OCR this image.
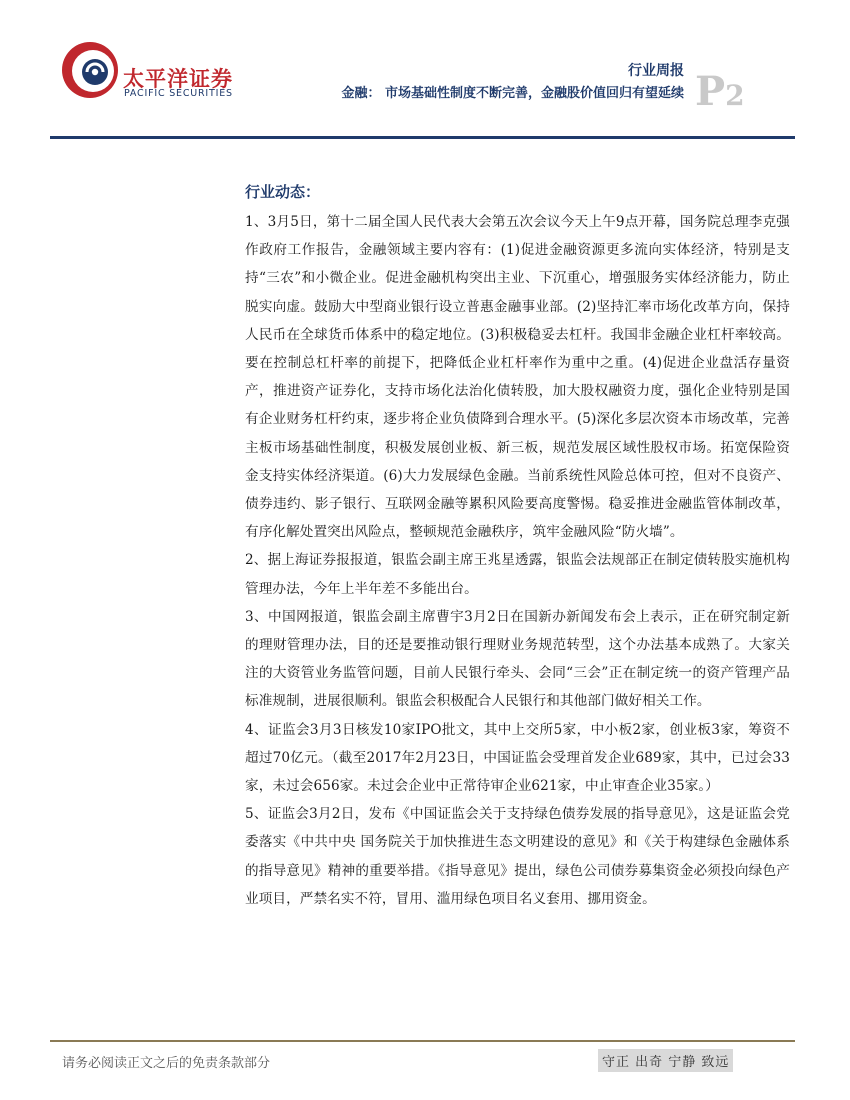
太平洋证券
PACIFIC SECURITIES
行业周报
金融： 市场基础性制度不断完善，金融股价值回归有望延续 P2
行业动态：

1、3月5日，第十二届全国人民代表大会第五次会议今天上午9点开幕，国务院总理李克强作政府工作报告，金融领域主要内容有：(1)促进金融资源更多流向实体经济，特别是支持“三农”和小微企业。促进金融机构突出主业、下沉重心，增强服务实体经济能力，防止脱实向虚。鼓励大中型商业银行设立普惠金融事业部。(2)坚持汇率市场化改革方向，保持人民币在全球货币体系中的稳定地位。(3)积极稳妥去杠杆。我国非金融企业杠杆率较高。要在控制总杠杆率的前提下，把降低企业杠杆率作为重中之重。(4)促进企业盘活存量资产，推进资产证券化，支持市场化法治化债转股，加大股权融资力度，强化企业特别是国有企业财务杠杆约束，逐步将企业负债降到合理水平。(5)深化多层次资本市场改革，完善主板市场基础性制度，积极发展创业板、新三板，规范发展区域性股权市场。拓宽保险资金支持实体经济渠道。(6)大力发展绿色金融。当前系统性风险总体可控，但对不良资产、债券违约、影子银行、互联网金融等累积风险要高度警惕。稳妥推进金融监管体制改革，有序化解处置突出风险点，整顿规范金融秩序，筑牢金融风险“防火墙”。

2、据上海证券报报道，银监会副主席王兆星透露，银监会法规部正在制定债转股实施机构管理办法，今年上半年差不多能出台。

3、中国网报道，银监会副主席曹宇3月2日在国新办新闻发布会上表示，正在研究制定新的理财管理办法，目的还是要推动银行理财业务规范转型，这个办法基本成熟了。大家关注的大资管业务监管问题，目前人民银行牵头、会同“三会”正在制定统一的资产管理产品标准规制，进展很顺利。银监会积极配合人民银行和其他部门做好相关工作。

4、证监会3月3日核发10家IPO批文，其中上交所5家，中小板2家，创业板3家，筹资不超过70亿元。（截至2017年2月23日，中国证监会受理首发企业689家，其中，已过会33家，未过会656家。未过会企业中正常待审企业621家，中止审查企业35家。）

5、证监会3月2日，发布《中国证监会关于支持绿色债券发展的指导意见》，这是证监会党委落实《中共中央 国务院关于加快推进生态文明建设的意见》和《关于构建绿色金融体系的指导意见》精神的重要举措。《指导意见》提出，绿色公司债券募集资金必须投向绿色产业项目，严禁名实不符，冒用、滥用绿色项目名义套用、挪用资金。

请务必阅读正文之后的免责条款部分	守正 出奇 宁静 致远
